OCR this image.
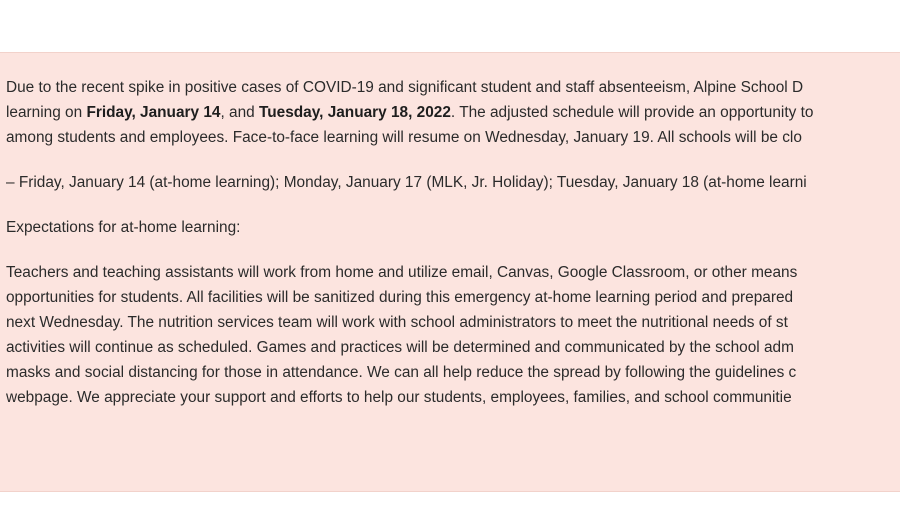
Due to the recent spike in positive cases of COVID-19 and significant student and staff absenteeism, Alpine School D

learning on Friday, January 14, and Tuesday, January 18, 2022. The adjusted schedule will provide an opportunity to

among students and employees. Face-to-face learning will resume on Wednesday, January 19. All schools will be clo

– Friday, January 14 (at-home learning); Monday, January 17 (MLK, Jr. Holiday); Tuesday, January 18 (at-home learni

Expectations for at-home learning:

Teachers and teaching assistants will work from home and utilize email, Canvas, Google Classroom, or other means

opportunities for students. All facilities will be sanitized during this emergency at-home learning period and prepared

next Wednesday. The nutrition services team will work with school administrators to meet the nutritional needs of st

activities will continue as scheduled. Games and practices will be determined and communicated by the school adm

masks and social distancing for those in attendance. We can all help reduce the spread by following the guidelines c

webpage. We appreciate your support and efforts to help our students, employees, families, and school communitie
